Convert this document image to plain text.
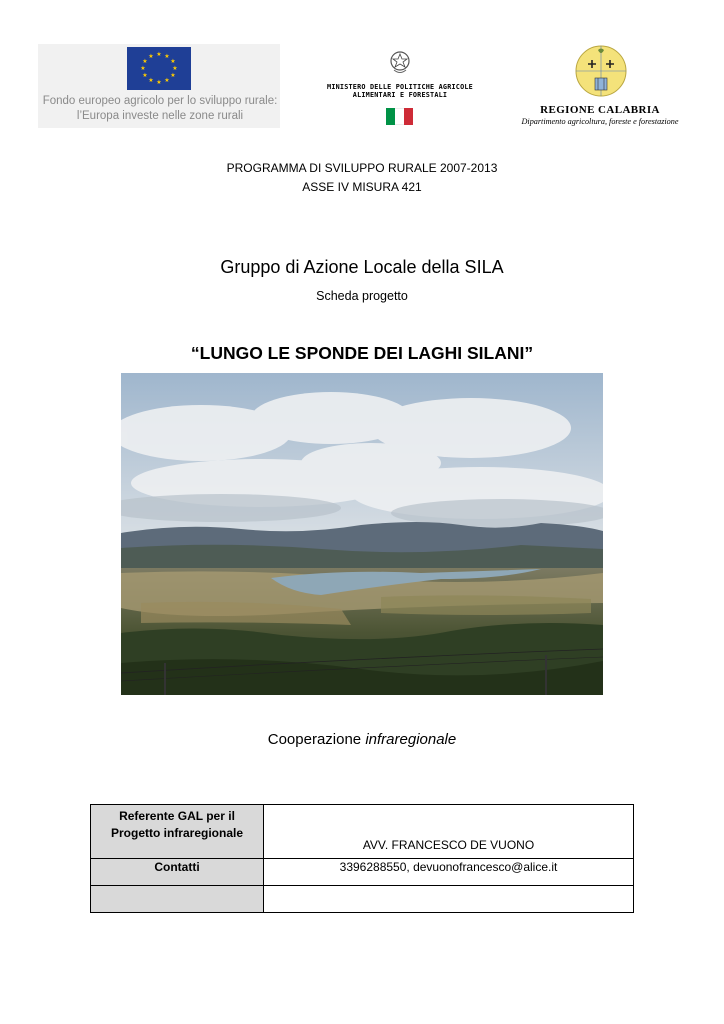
★ ★
★
★
★
★
★
★
★
★
★
★
Fondo europeo agricolo per lo sviluppo rurale:
l’Europa investe nelle zone rurali
MINISTERO DELLE POLITICHE AGRICOLE
ALIMENTARI E FORESTALI
REGIONE CALABRIA
Dipartimento agricoltura, foreste e forestazione
PROGRAMMA DI SVILUPPO RURALE 2007-2013
ASSE IV MISURA 421
Gruppo di Azione Locale della SILA
Scheda progetto
“LUNGO LE SPONDE DEI LAGHI SILANI”
Cooperazione infraregionale
Referente GAL per il
Progetto infraregionale	AVV. FRANCESCO DE VUONO
Contatti	3396288550, devuonofrancesco@alice.it
